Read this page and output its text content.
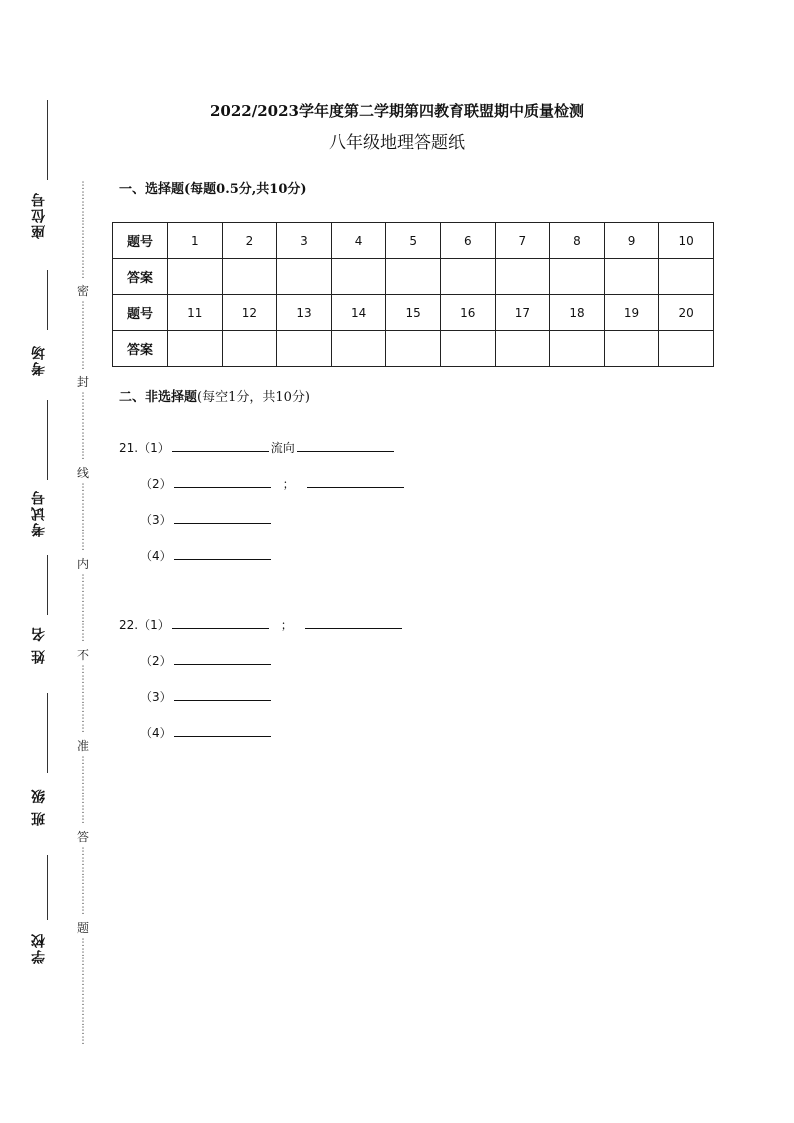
座位号
考场
考试号
姓 名
班 级
学校
⋮
⋮
⋮
⋮
⋮
⋮
⋮
⋮
⋮
⋮
密
⋮
⋮
⋮
⋮
⋮
⋮
⋮
封
⋮
⋮
⋮
⋮
⋮
⋮
⋮
线
⋮
⋮
⋮
⋮
⋮
⋮
⋮
内
⋮
⋮
⋮
⋮
⋮
⋮
⋮
不
⋮
⋮
⋮
⋮
⋮
⋮
⋮
准
⋮
⋮
⋮
⋮
⋮
⋮
⋮
答
⋮
⋮
⋮
⋮
⋮
⋮
⋮
题
⋮
⋮
⋮
⋮
⋮
⋮
⋮
⋮
⋮
⋮
⋮
2022/2023学年度第二学期第四教育联盟期中质量检测
八年级地理答题纸
一、选择题(每题0.5分,共10分)
题号	1	2	3	4	5	6	7	8	9	10
答案										
题号	11	12	13	14	15	16	17	18	19	20
答案										
二、非选择题(每空1分，共10分)
21.（1）	流向
（2）	；
（3）
（4）
22.（1）	；
（2）
（3）
（4）
